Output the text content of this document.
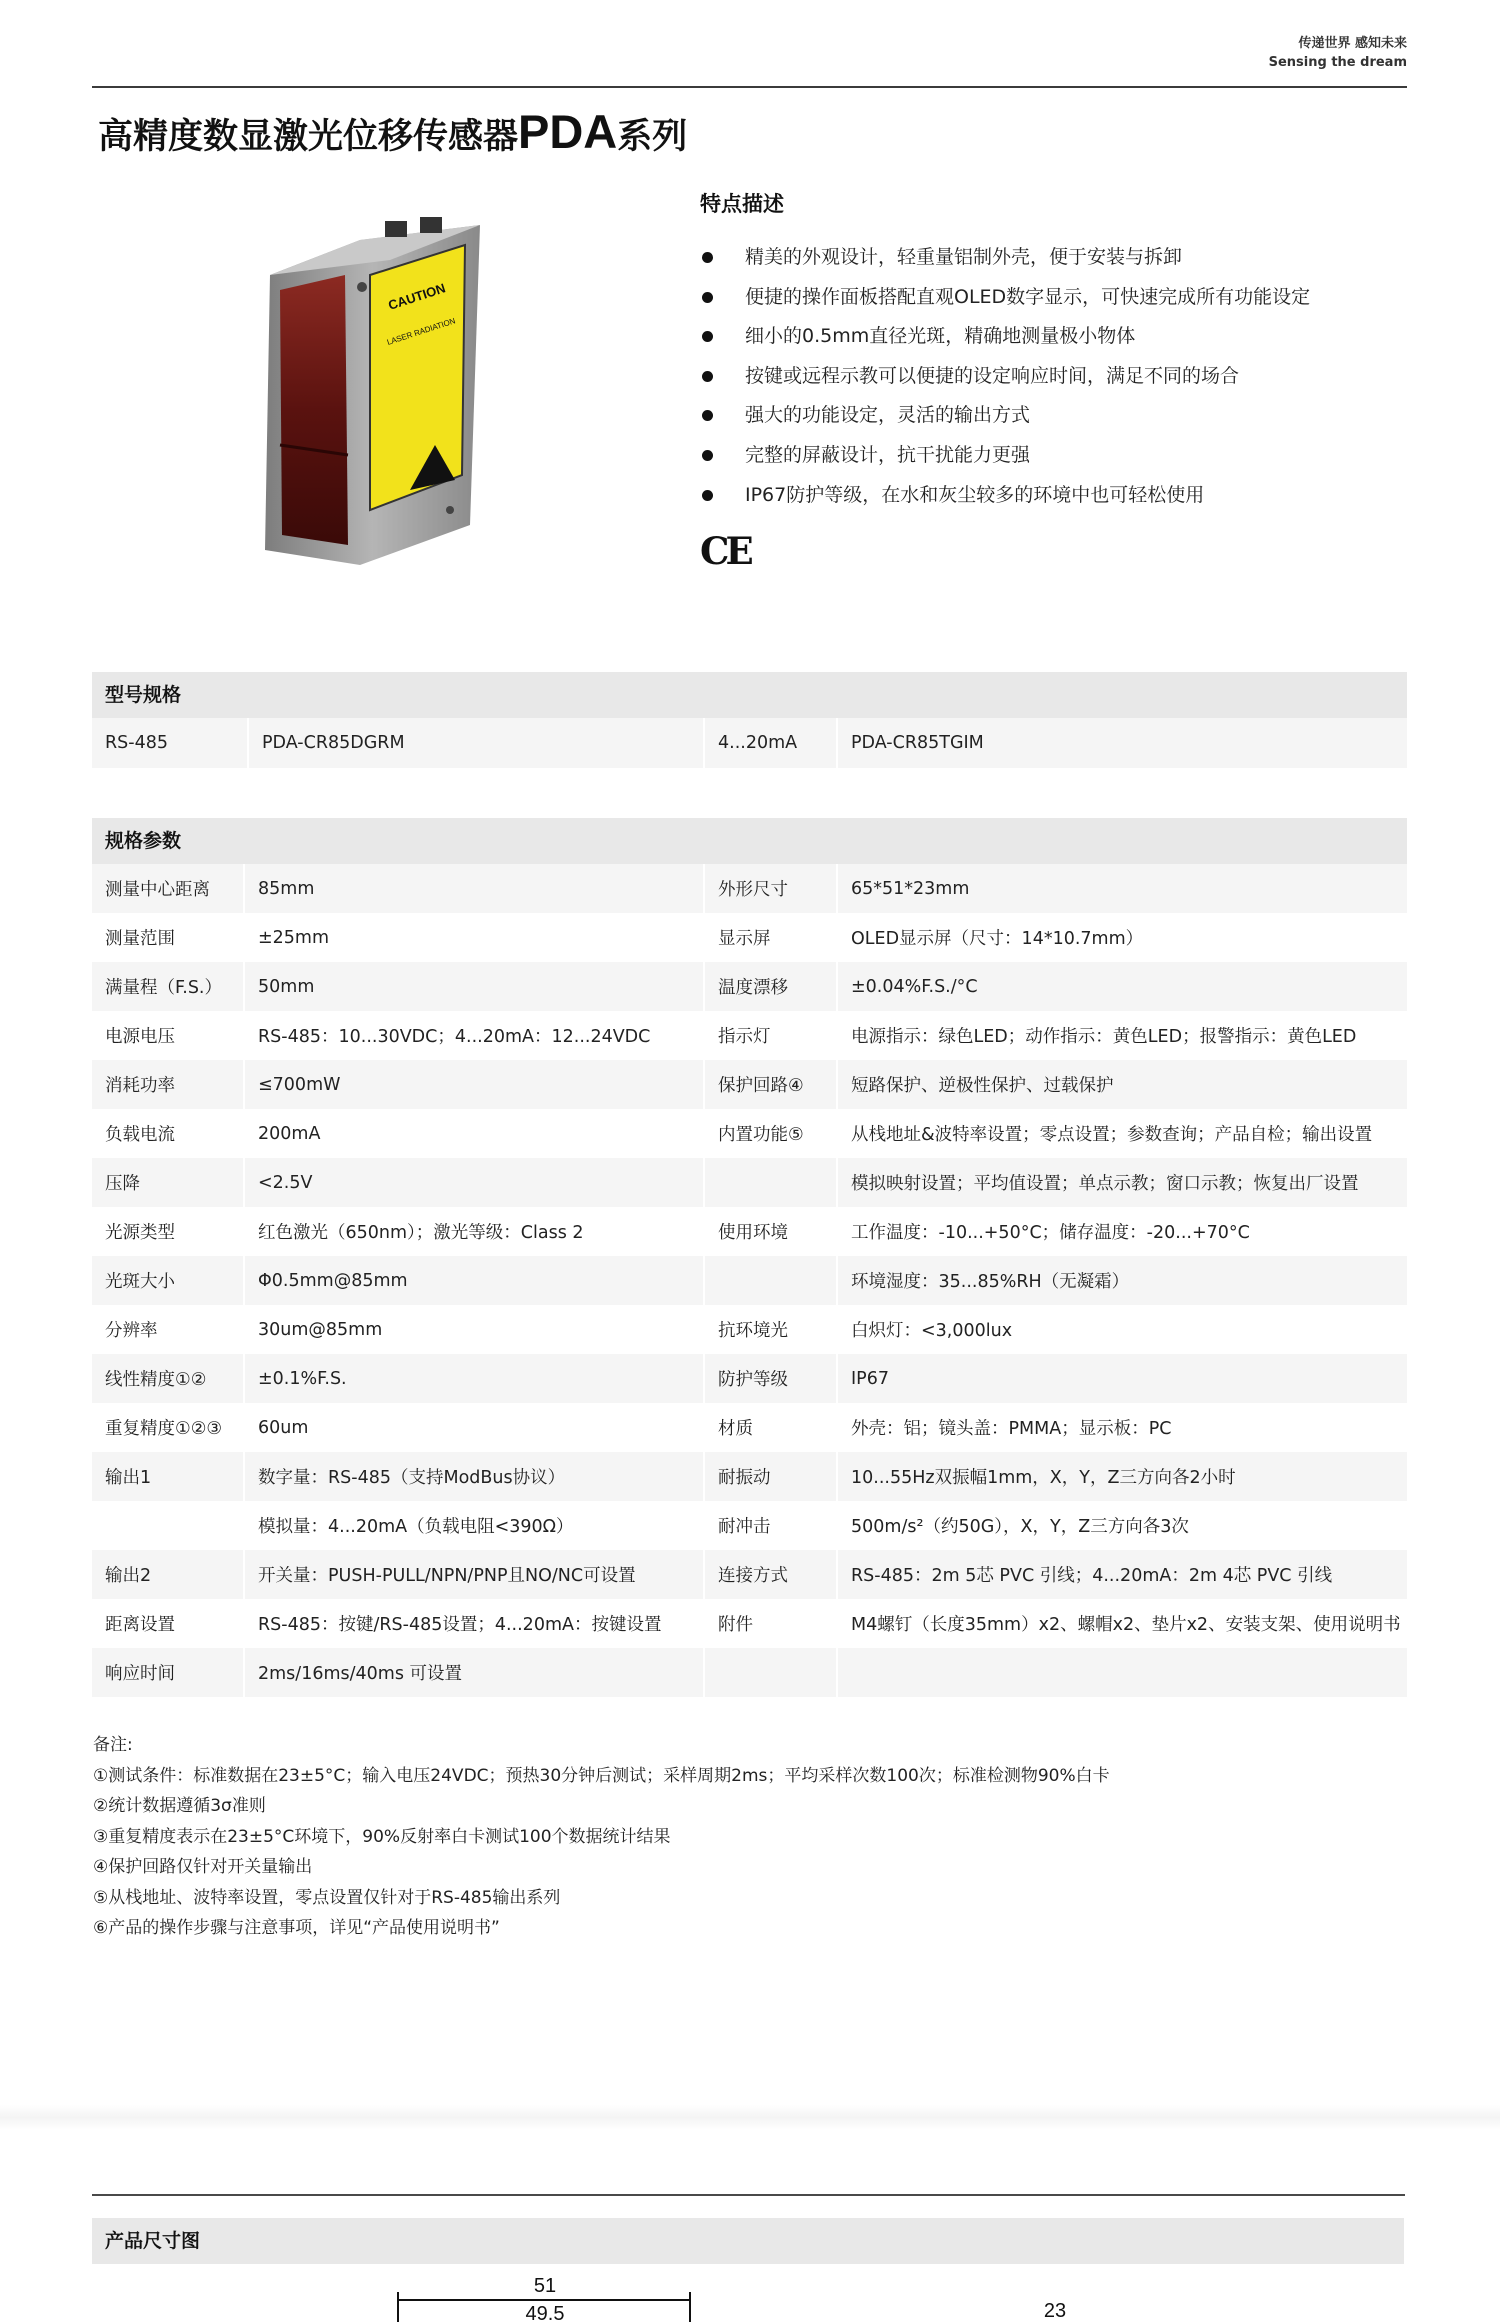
传递世界 感知未来
Sensing the dream
高精度数显激光位移传感器PDA系列
CAUTION
LASER RADIATION
特点描述
精美的外观设计，轻重量铝制外壳，便于安装与拆卸
便捷的操作面板搭配直观OLED数字显示，可快速完成所有功能设定
细小的0.5mm直径光斑，精确地测量极小物体
按键或远程示教可以便捷的设定响应时间，满足不同的场合
强大的功能设定，灵活的输出方式
完整的屏蔽设计，抗干扰能力更强
IP67防护等级，在水和灰尘较多的环境中也可轻松使用
CE
型号规格
RS-485	PDA-CR85DGRM	4...20mA	PDA-CR85TGIM
规格参数
测量中心距离	85mm	外形尺寸	65*51*23mm
测量范围	±25mm	显示屏	OLED显示屏（尺寸：14*10.7mm）
满量程（F.S.）	50mm	温度漂移	±0.04%F.S./°C
电源电压	RS-485：10...30VDC；4...20mA：12...24VDC	指示灯	电源指示：绿色LED；动作指示：黄色LED；报警指示：黄色LED
消耗功率	≤700mW	保护回路④	短路保护、逆极性保护、过载保护
负载电流	200mA	内置功能⑤	从栈地址&波特率设置；零点设置；参数查询；产品自检；输出设置
压降	<2.5V		模拟映射设置；平均值设置；单点示教；窗口示教；恢复出厂设置
光源类型	红色激光（650nm）；激光等级：Class 2	使用环境	工作温度：-10...+50°C；储存温度：-20...+70°C
光斑大小	Φ0.5mm@85mm		环境湿度：35...85%RH（无凝霜）
分辨率	30um@85mm	抗环境光	白炽灯：<3,000lux
线性精度①②	±0.1%F.S.	防护等级	IP67
重复精度①②③	60um	材质	外壳：铝；镜头盖：PMMA；显示板：PC
输出1	数字量：RS-485（支持ModBus协议）	耐振动	10...55Hz双振幅1mm，X，Y，Z三方向各2小时
	模拟量：4...20mA（负载电阻<390Ω）	耐冲击	500m/s²（约50G），X，Y，Z三方向各3次
输出2	开关量：PUSH-PULL/NPN/PNP且NO/NC可设置	连接方式	RS-485：2m 5芯 PVC 引线；4...20mA：2m 4芯 PVC 引线
距离设置	RS-485：按键/RS-485设置；4...20mA：按键设置	附件	M4螺钉（长度35mm）x2、螺帽x2、垫片x2、安装支架、使用说明书
响应时间	2ms/16ms/40ms 可设置		
备注:
①测试条件：标准数据在23±5°C；输入电压24VDC；预热30分钟后测试；采样周期2ms；平均采样次数100次；标准检测物90%白卡
②统计数据遵循3σ准则
③重复精度表示在23±5°C环境下，90%反射率白卡测试100个数据统计结果
④保护回路仅针对开关量输出
⑤从栈地址、波特率设置，零点设置仅针对于RS-485输出系列
⑥产品的操作步骤与注意事项，详见“产品使用说明书”
产品尺寸图
51
49.5	23
